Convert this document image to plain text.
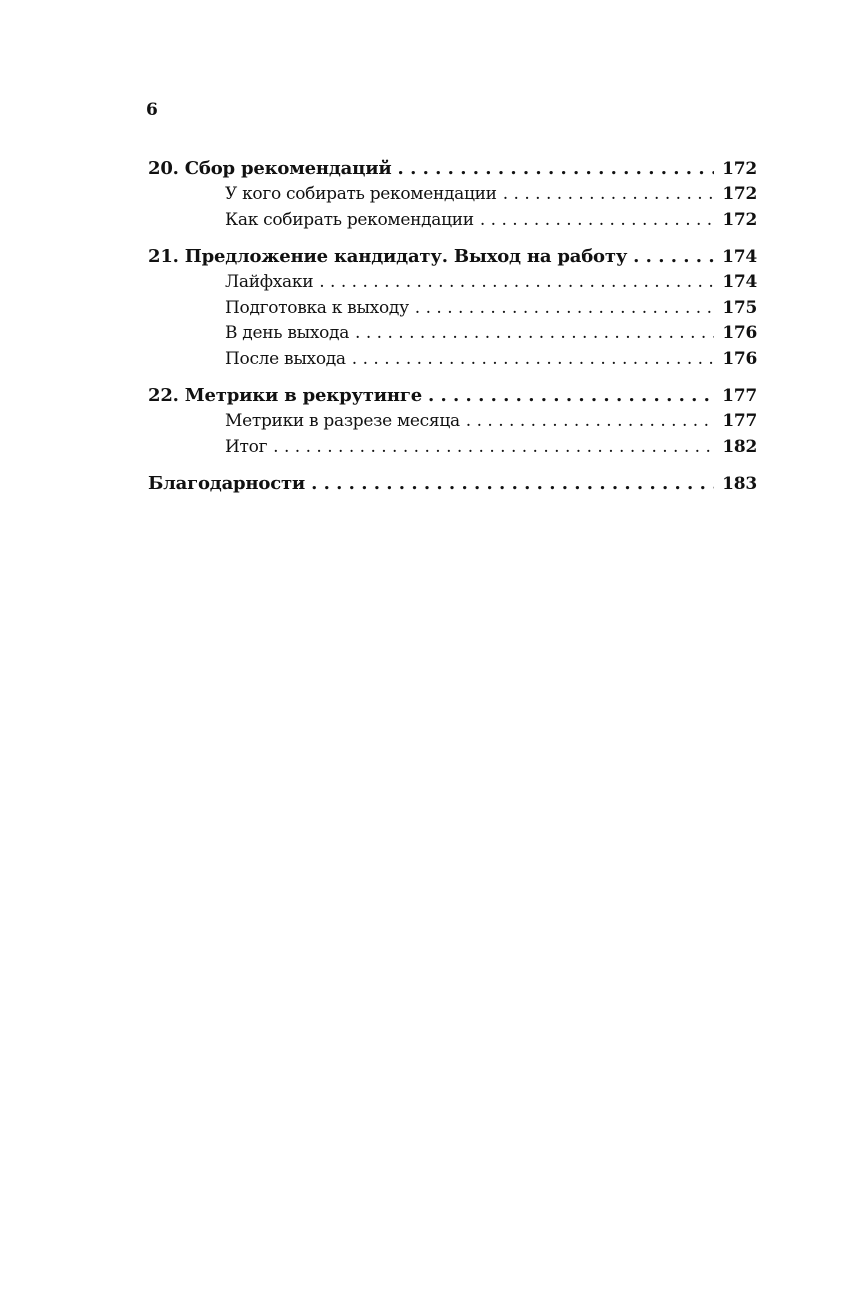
6
20. Сбор рекомендаций . . .	172
У кого собирать рекомендации . . .	172
Как собирать рекомендации . . .	172
21. Предложение кандидату. Выход на работу . . .	174
Лайфхаки . . .	174
Подготовка к выходу . . .	175
В день выхода . . .	176
После выхода . . .	176
22. Метрики в рекрутинге . . .	177
Метрики в разрезе месяца . . .	177
Итог . . .	182
Благодарности . . .	183
